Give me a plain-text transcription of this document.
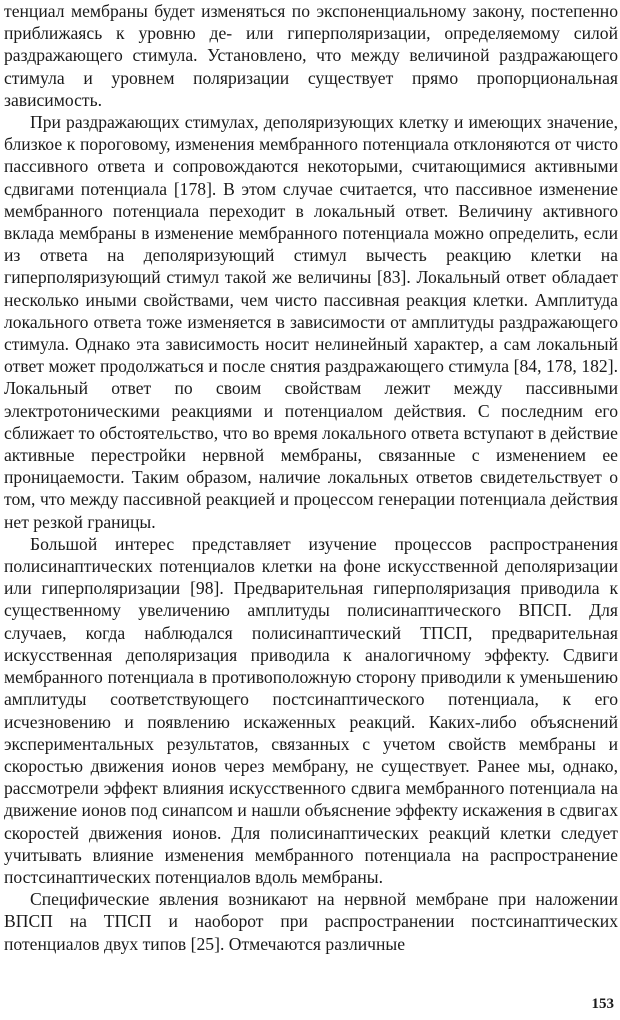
тенциал мембраны будет изменяться по экспоненциальному закону, постепенно приближаясь к уровню де- или гиперполяризации, определяемому силой раздражающего стимула. Установлено, что между величиной раздражающего стимула и уровнем поляризации существует прямо пропорциональная зависимость.

При раздражающих стимулах, деполяризующих клетку и имеющих значение, близкое к пороговому, изменения мембранного потенциала отклоняются от чисто пассивного ответа и сопровождаются некоторыми, считающимися активными сдвигами потенциала [178]. В этом случае считается, что пассивное изменение мембранного потенциала переходит в локальный ответ. Величину активного вклада мембраны в изменение мембранного потенциала можно определить, если из ответа на деполяризующий стимул вычесть реакцию клетки на гиперполяризующий стимул такой же величины [83]. Локальный ответ обладает несколько иными свойствами, чем чисто пассивная реакция клетки. Амплитуда локального ответа тоже изменяется в зависимости от амплитуды раздражающего стимула. Однако эта зависимость носит нелинейный характер, а сам локальный ответ может продолжаться и после снятия раздражающего стимула [84, 178, 182]. Локальный ответ по своим свойствам лежит между пассивными электротоническими реакциями и потенциалом действия. С последним его сближает то обстоятельство, что во время локального ответа вступают в действие активные перестройки нервной мембраны, связанные с изменением ее проницаемости. Таким образом, наличие локальных ответов свидетельствует о том, что между пассивной реакцией и процессом генерации потенциала действия нет резкой границы.

Большой интерес представляет изучение процессов распространения полисинаптических потенциалов клетки на фоне искусственной деполяризации или гиперполяризации [98]. Предварительная гиперполяризация приводила к существенному увеличению амплитуды полисинаптического ВПСП. Для случаев, когда наблюдался полисинаптический ТПСП, предварительная искусственная деполяризация приводила к аналогичному эффекту. Сдвиги мембранного потенциала в противоположную сторону приводили к уменьшению амплитуды соответствующего постсинаптического потенциала, к его исчезновению и появлению искаженных реакций. Каких-либо объяснений экспериментальных результатов, связанных с учетом свойств мембраны и скоростью движения ионов через мембрану, не существует. Ранее мы, однако, рассмотрели эффект влияния искусственного сдвига мембранного потенциала на движение ионов под синапсом и нашли объяснение эффекту искажения в сдвигах скоростей движения ионов. Для полисинаптических реакций клетки следует учитывать влияние изменения мембранного потенциала на распространение постсинаптических потенциалов вдоль мембраны.

Специфические явления возникают на нервной мембране при наложении ВПСП на ТПСП и наоборот при распространении постсинаптических потенциалов двух типов [25]. Отмечаются различные

153
